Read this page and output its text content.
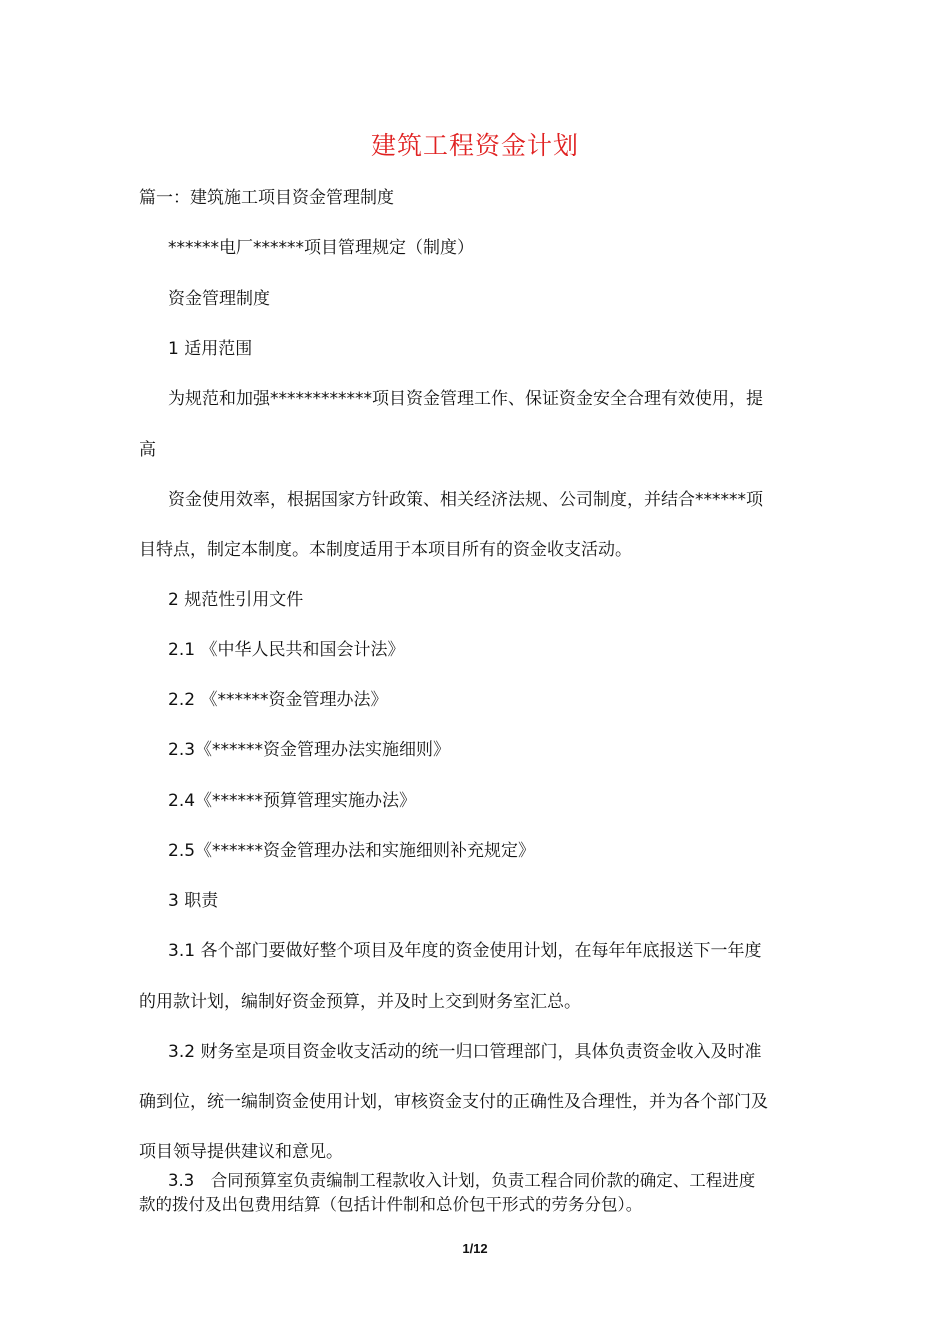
建筑工程资金计划
篇一：建筑施工项目资金管理制度
******电厂******项目管理规定（制度）
资金管理制度
1 适用范围
为规范和加强************项目资金管理工作、保证资金安全合理有效使用，提
高
资金使用效率，根据国家方针政策、相关经济法规、公司制度，并结合******项
目特点，制定本制度。本制度适用于本项目所有的资金收支活动。
2 规范性引用文件
2.1 《中华人民共和国会计法》
2.2 《******资金管理办法》
2.3《******资金管理办法实施细则》
2.4《******预算管理实施办法》
2.5《******资金管理办法和实施细则补充规定》
3 职责
3.1 各个部门要做好整个项目及年度的资金使用计划，在每年年底报送下一年度
的用款计划，编制好资金预算，并及时上交到财务室汇总。
3.2 财务室是项目资金收支活动的统一归口管理部门，具体负责资金收入及时准
确到位，统一编制资金使用计划，审核资金支付的正确性及合理性，并为各个部门及
项目领导提供建议和意见。
3.3　合同预算室负责编制工程款收入计划，负责工程合同价款的确定、工程进度
款的拨付及出包费用结算（包括计件制和总价包干形式的劳务分包）。
1/12
